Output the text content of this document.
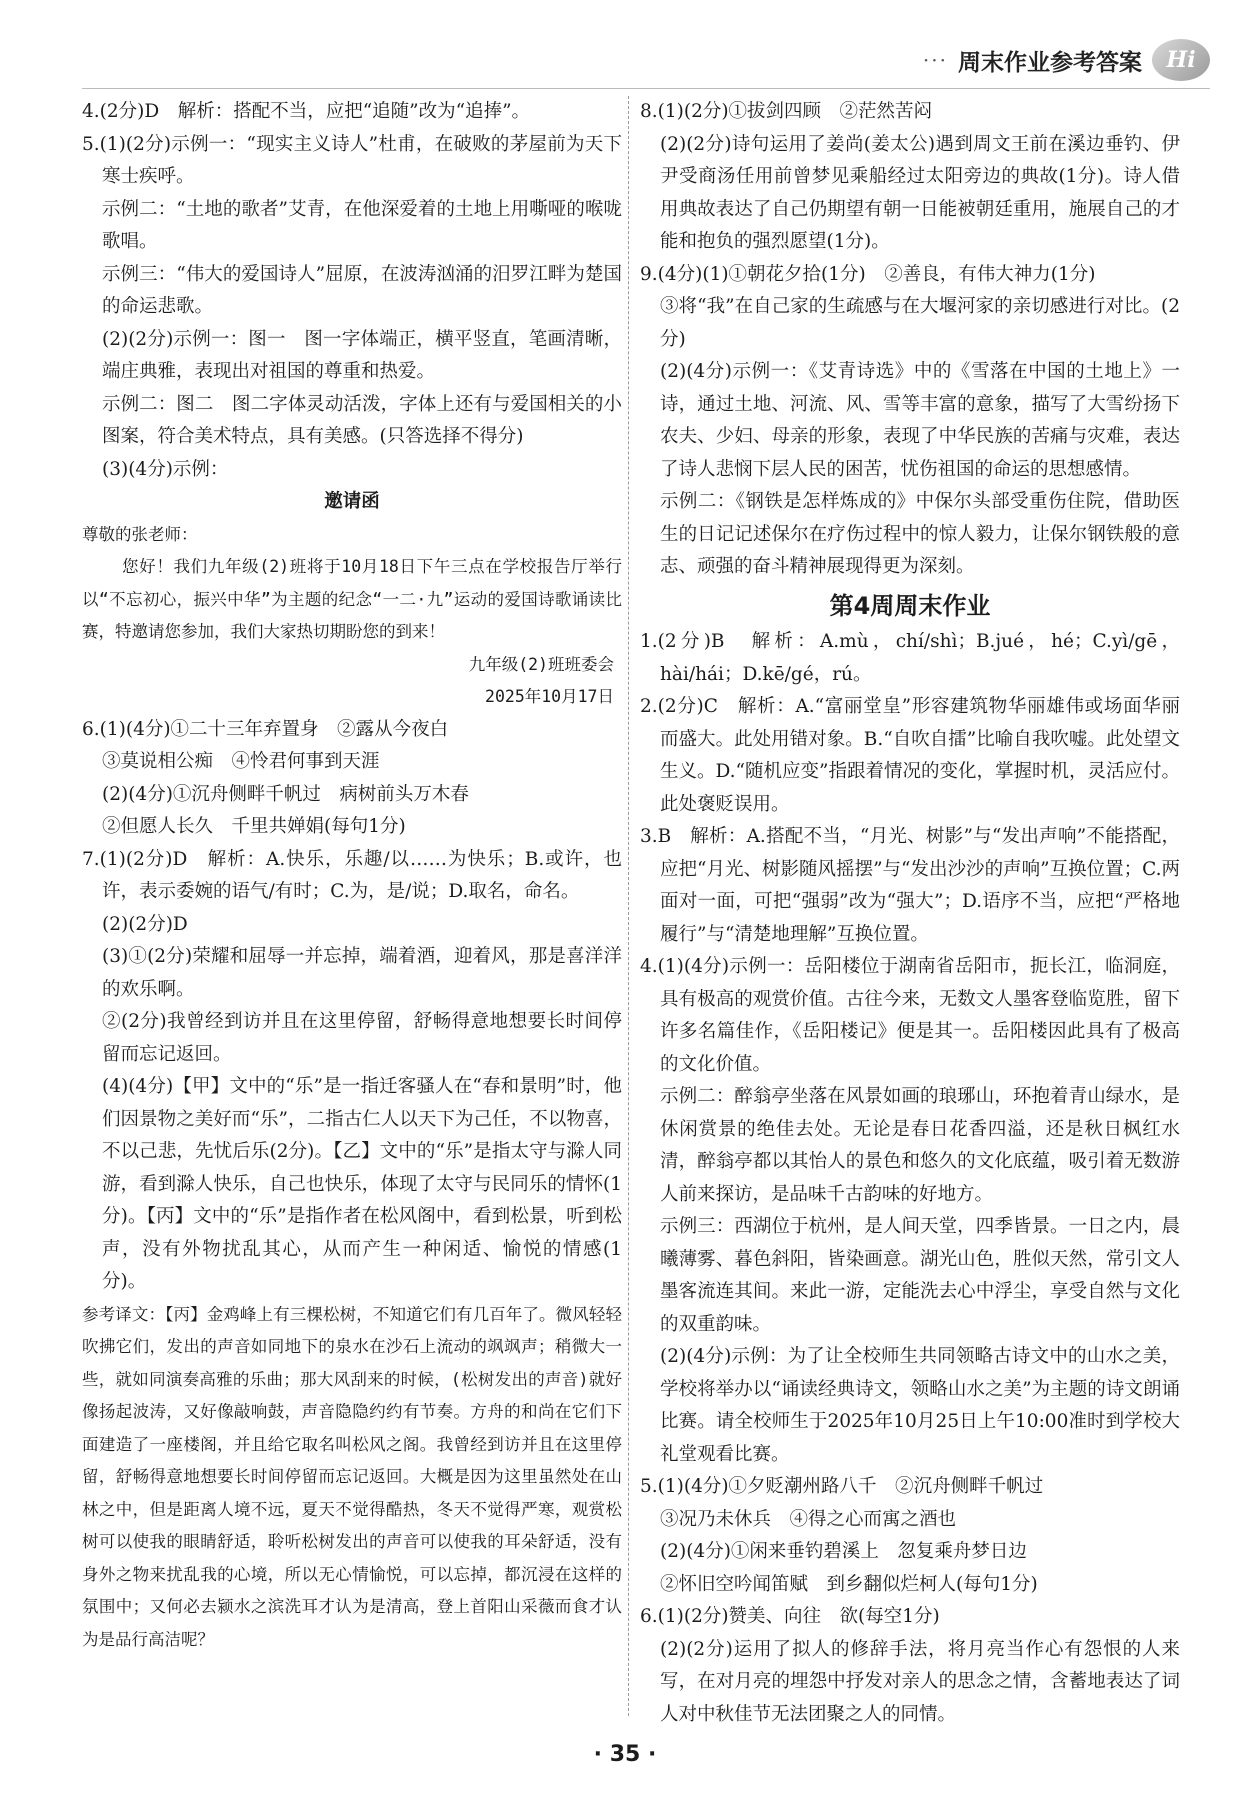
··· 周末作业参考答案 Hi
4.(2分)D　解析：搭配不当，应把“追随”改为“追捧”。
5.(1)(2分)示例一：“现实主义诗人”杜甫，在破败的茅屋前为天下寒士疾呼。
示例二：“土地的歌者”艾青，在他深爱着的土地上用嘶哑的喉咙歌唱。
示例三：“伟大的爱国诗人”屈原，在波涛汹涌的汨罗江畔为楚国的命运悲歌。
(2)(2分)示例一：图一　图一字体端正，横平竖直，笔画清晰，端庄典雅，表现出对祖国的尊重和热爱。
示例二：图二　图二字体灵动活泼，字体上还有与爱国相关的小图案，符合美术特点，具有美感。(只答选择不得分)
(3)(4分)示例：
邀请函
尊敬的张老师：
您好！我们九年级(2)班将于10月18日下午三点在学校报告厅举行以“不忘初心，振兴中华”为主题的纪念“一二·九”运动的爱国诗歌诵读比赛，特邀请您参加，我们大家热切期盼您的到来！
九年级(2)班班委会
2025年10月17日
6.(1)(4分)①二十三年弃置身　②露从今夜白
③莫说相公痴　④怜君何事到天涯
(2)(4分)①沉舟侧畔千帆过　病树前头万木春
②但愿人长久　千里共婵娟(每句1分)
7.(1)(2分)D　解析：A.快乐，乐趣/以……为快乐；B.或许，也许，表示委婉的语气/有时；C.为，是/说；D.取名，命名。
(2)(2分)D
(3)①(2分)荣耀和屈辱一并忘掉，端着酒，迎着风，那是喜洋洋的欢乐啊。
②(2分)我曾经到访并且在这里停留，舒畅得意地想要长时间停留而忘记返回。
(4)(4分)【甲】文中的“乐”是一指迁客骚人在“春和景明”时，他们因景物之美好而“乐”，二指古仁人以天下为己任，不以物喜，不以己悲，先忧后乐(2分)。【乙】文中的“乐”是指太守与滁人同游，看到滁人快乐，自己也快乐，体现了太守与民同乐的情怀(1分)。【丙】文中的“乐”是指作者在松风阁中，看到松景，听到松声，没有外物扰乱其心，从而产生一种闲适、愉悦的情感(1分)。
参考译文：【丙】金鸡峰上有三棵松树，不知道它们有几百年了。微风轻轻吹拂它们，发出的声音如同地下的泉水在沙石上流动的飒飒声；稍微大一些，就如同演奏高雅的乐曲；那大风刮来的时候，(松树发出的声音)就好像扬起波涛，又好像敲响鼓，声音隐隐约约有节奏。方舟的和尚在它们下面建造了一座楼阁，并且给它取名叫松风之阁。我曾经到访并且在这里停留，舒畅得意地想要长时间停留而忘记返回。大概是因为这里虽然处在山林之中，但是距离人境不远，夏天不觉得酷热，冬天不觉得严寒，观赏松树可以使我的眼睛舒适，聆听松树发出的声音可以使我的耳朵舒适，没有身外之物来扰乱我的心境，所以无心情愉悦，可以忘掉，都沉浸在这样的氛围中；又何必去颍水之滨洗耳才认为是清高，登上首阳山采薇而食才认为是品行高洁呢？
8.(1)(2分)①拔剑四顾　②茫然苦闷
(2)(2分)诗句运用了姜尚(姜太公)遇到周文王前在溪边垂钓、伊尹受商汤任用前曾梦见乘船经过太阳旁边的典故(1分)。诗人借用典故表达了自己仍期望有朝一日能被朝廷重用，施展自己的才能和抱负的强烈愿望(1分)。
9.(4分)(1)①朝花夕拾(1分)　②善良，有伟大神力(1分)
③将“我”在自己家的生疏感与在大堰河家的亲切感进行对比。(2分)
(2)(4分)示例一：《艾青诗选》中的《雪落在中国的土地上》一诗，通过土地、河流、风、雪等丰富的意象，描写了大雪纷扬下农夫、少妇、母亲的形象，表现了中华民族的苦痛与灾难，表达了诗人悲悯下层人民的困苦，忧伤祖国的命运的思想感情。
示例二：《钢铁是怎样炼成的》中保尔头部受重伤住院，借助医生的日记记述保尔在疗伤过程中的惊人毅力，让保尔钢铁般的意志、顽强的奋斗精神展现得更为深刻。
第4周周末作业
1.(2分)B　解析：A.mù，chí/shì；B.jué，hé；C.yì/gē，hài/hái；D.kē/gé，rú。
2.(2分)C　解析：A.“富丽堂皇”形容建筑物华丽雄伟或场面华丽而盛大。此处用错对象。B.“自吹自擂”比喻自我吹嘘。此处望文生义。D.“随机应变”指跟着情况的变化，掌握时机，灵活应付。此处褒贬误用。
3.B　解析：A.搭配不当，“月光、树影”与“发出声响”不能搭配，应把“月光、树影随风摇摆”与“发出沙沙的声响”互换位置；C.两面对一面，可把“强弱”改为“强大”；D.语序不当，应把“严格地履行”与“清楚地理解”互换位置。
4.(1)(4分)示例一：岳阳楼位于湖南省岳阳市，扼长江，临洞庭，具有极高的观赏价值。古往今来，无数文人墨客登临览胜，留下许多名篇佳作，《岳阳楼记》便是其一。岳阳楼因此具有了极高的文化价值。
示例二：醉翁亭坐落在风景如画的琅琊山，环抱着青山绿水，是休闲赏景的绝佳去处。无论是春日花香四溢，还是秋日枫红水清，醉翁亭都以其怡人的景色和悠久的文化底蕴，吸引着无数游人前来探访，是品味千古韵味的好地方。
示例三：西湖位于杭州，是人间天堂，四季皆景。一日之内，晨曦薄雾、暮色斜阳，皆染画意。湖光山色，胜似天然，常引文人墨客流连其间。来此一游，定能洗去心中浮尘，享受自然与文化的双重韵味。
(2)(4分)示例：为了让全校师生共同领略古诗文中的山水之美，学校将举办以“诵读经典诗文，领略山水之美”为主题的诗文朗诵比赛。请全校师生于2025年10月25日上午10:00准时到学校大礼堂观看比赛。
5.(1)(4分)①夕贬潮州路八千　②沉舟侧畔千帆过
③况乃未休兵　④得之心而寓之酒也
(2)(4分)①闲来垂钓碧溪上　忽复乘舟梦日边
②怀旧空吟闻笛赋　到乡翻似烂柯人(每句1分)
6.(1)(2分)赞美、向往　欲(每空1分)
(2)(2分)运用了拟人的修辞手法，将月亮当作心有怨恨的人来写，在对月亮的埋怨中抒发对亲人的思念之情，含蓄地表达了词人对中秋佳节无法团聚之人的同情。
· 35 ·
